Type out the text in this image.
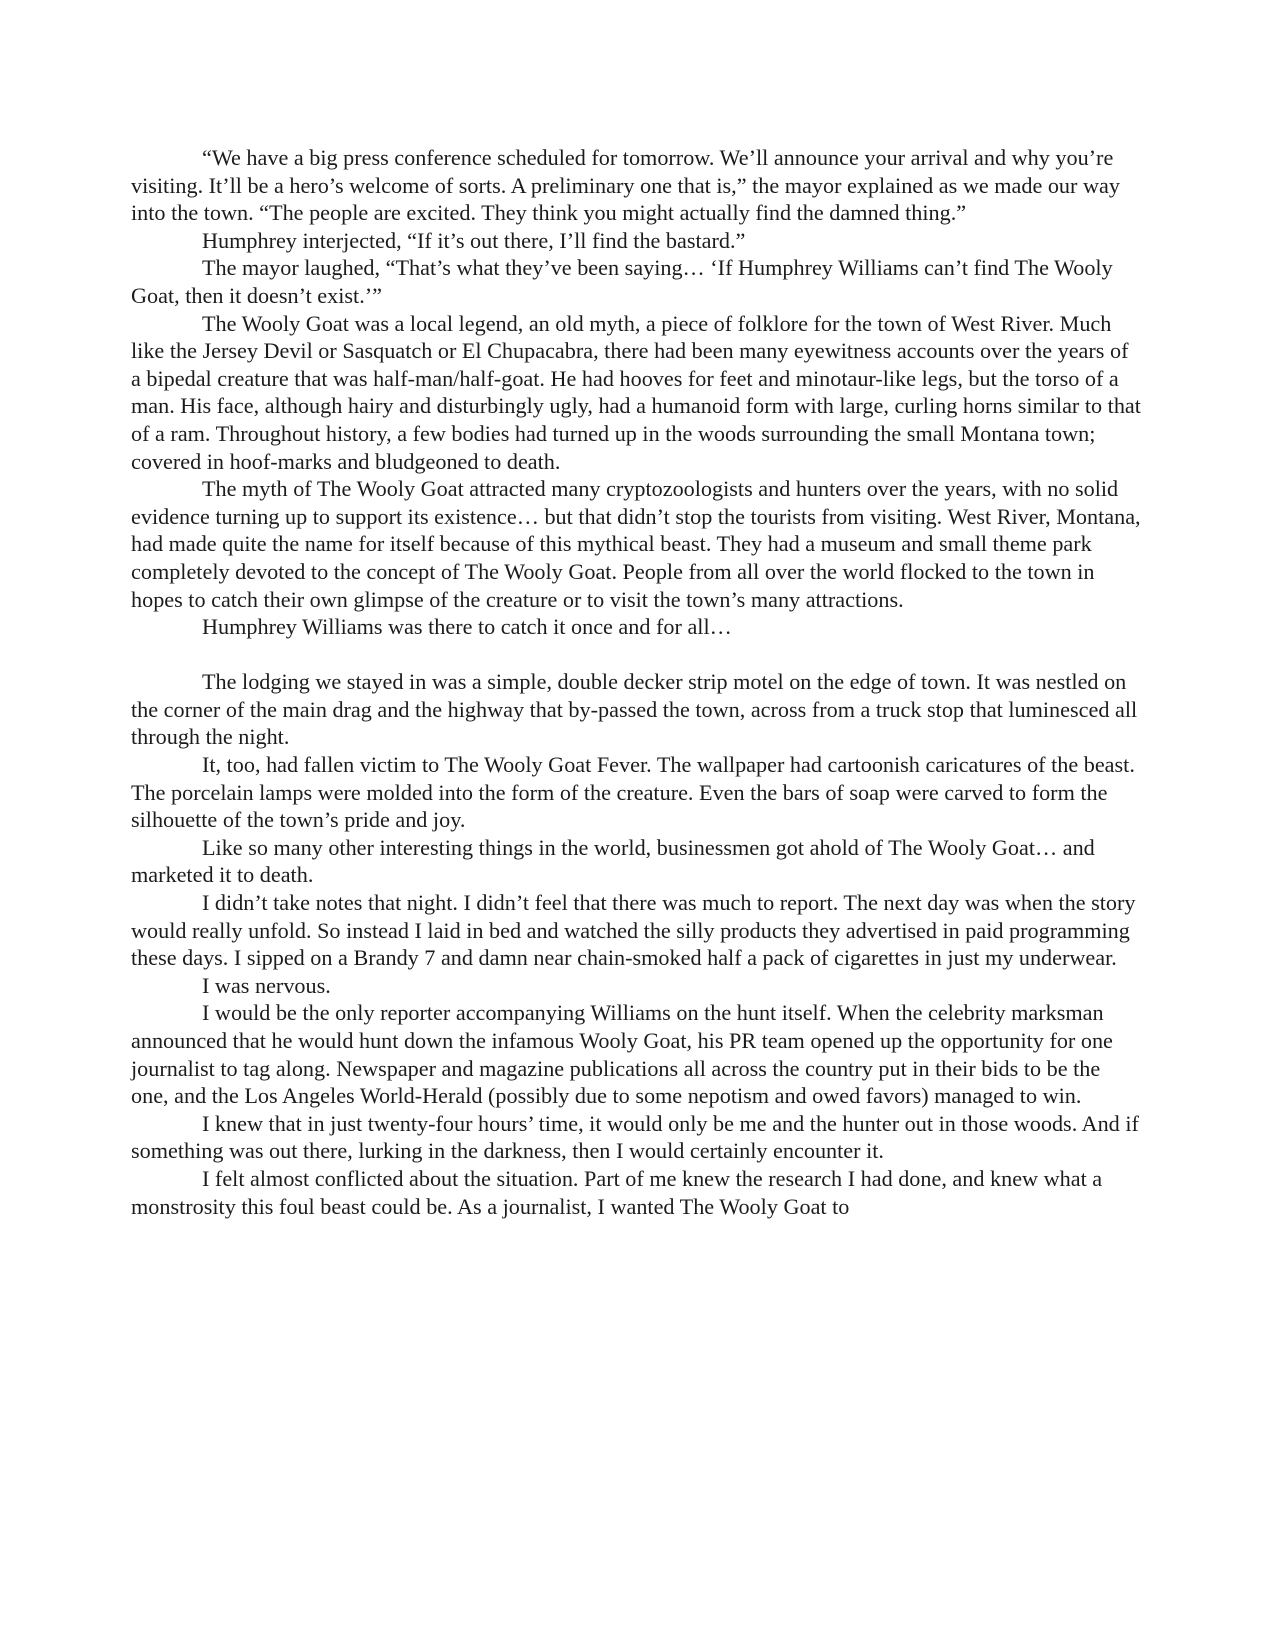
“We have a big press conference scheduled for tomorrow. We’ll announce your arrival and why you’re visiting. It’ll be a hero’s welcome of sorts. A preliminary one that is,” the mayor explained as we made our way into the town. “The people are excited. They think you might actually find the damned thing.”

Humphrey interjected, “If it’s out there, I’ll find the bastard.”

The mayor laughed, “That’s what they’ve been saying… ‘If Humphrey Williams can’t find The Wooly Goat, then it doesn’t exist.’”

The Wooly Goat was a local legend, an old myth, a piece of folklore for the town of West River. Much like the Jersey Devil or Sasquatch or El Chupacabra, there had been many eyewitness accounts over the years of a bipedal creature that was half-man/half-goat. He had hooves for feet and minotaur-like legs, but the torso of a man. His face, although hairy and disturbingly ugly, had a humanoid form with large, curling horns similar to that of a ram. Throughout history, a few bodies had turned up in the woods surrounding the small Montana town; covered in hoof-marks and bludgeoned to death.

The myth of The Wooly Goat attracted many cryptozoologists and hunters over the years, with no solid evidence turning up to support its existence… but that didn’t stop the tourists from visiting. West River, Montana, had made quite the name for itself because of this mythical beast. They had a museum and small theme park completely devoted to the concept of The Wooly Goat. People from all over the world flocked to the town in hopes to catch their own glimpse of the creature or to visit the town’s many attractions.

Humphrey Williams was there to catch it once and for all…

The lodging we stayed in was a simple, double decker strip motel on the edge of town. It was nestled on the corner of the main drag and the highway that by-passed the town, across from a truck stop that luminesced all through the night.

It, too, had fallen victim to The Wooly Goat Fever. The wallpaper had cartoonish caricatures of the beast. The porcelain lamps were molded into the form of the creature. Even the bars of soap were carved to form the silhouette of the town’s pride and joy.

Like so many other interesting things in the world, businessmen got ahold of The Wooly Goat… and marketed it to death.

I didn’t take notes that night. I didn’t feel that there was much to report. The next day was when the story would really unfold. So instead I laid in bed and watched the silly products they advertised in paid programming these days. I sipped on a Brandy 7 and damn near chain-smoked half a pack of cigarettes in just my underwear.

I was nervous.

I would be the only reporter accompanying Williams on the hunt itself. When the celebrity marksman announced that he would hunt down the infamous Wooly Goat, his PR team opened up the opportunity for one journalist to tag along. Newspaper and magazine publications all across the country put in their bids to be the one, and the Los Angeles World-Herald (possibly due to some nepotism and owed favors) managed to win.

I knew that in just twenty-four hours’ time, it would only be me and the hunter out in those woods. And if something was out there, lurking in the darkness, then I would certainly encounter it.

I felt almost conflicted about the situation. Part of me knew the research I had done, and knew what a monstrosity this foul beast could be. As a journalist, I wanted The Wooly Goat to
